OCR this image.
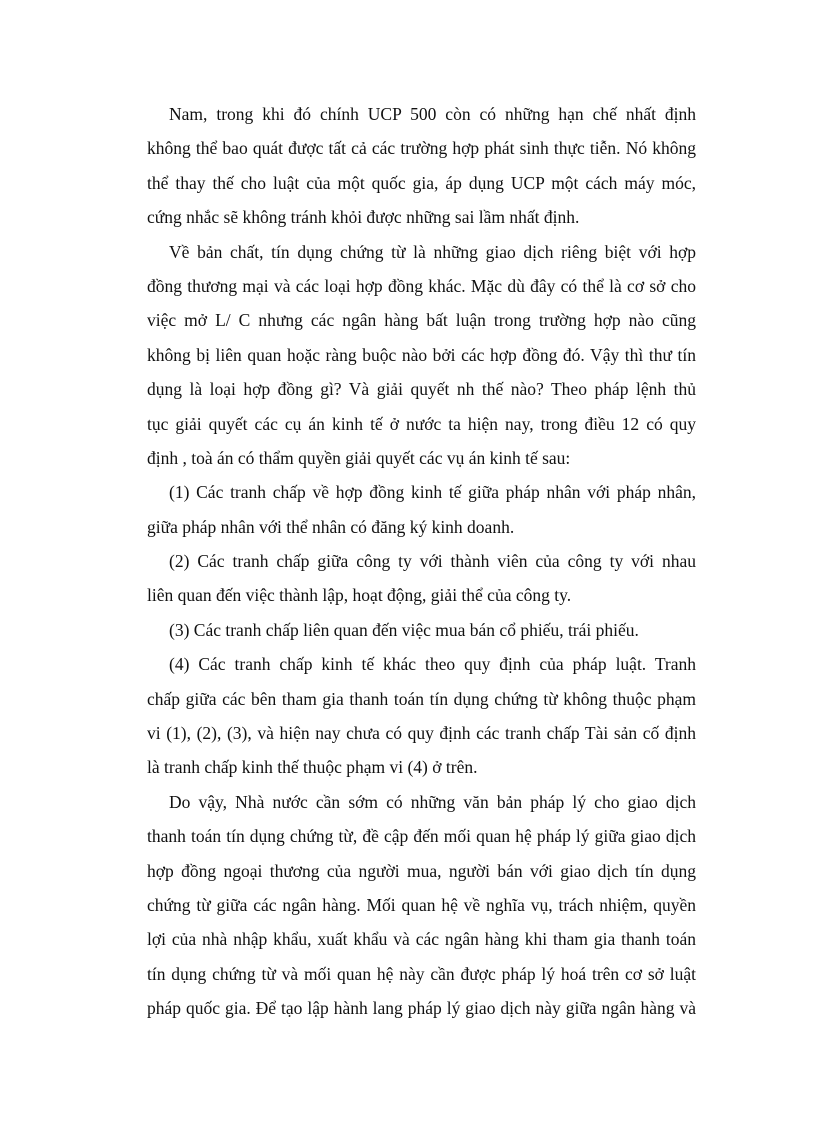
Nam, trong khi đó chính UCP 500 còn có những hạn chế nhất định
không thể bao quát được tất cả các trường hợp phát sinh thực tiễn. Nó không
thể thay thế cho luật của một quốc gia, áp dụng UCP một cách máy móc,
cứng nhắc sẽ không tránh khỏi được những sai lầm nhất định.
Về bản chất, tín dụng chứng từ là những giao dịch riêng biệt với hợp
đồng thương mại và các loại hợp đồng khác. Mặc dù đây có thể là cơ sở cho
việc mở L/ C nhưng các ngân hàng bất luận trong trường hợp nào cũng
không bị liên quan hoặc ràng buộc nào bởi các hợp đồng đó. Vậy thì thư tín
dụng là loại hợp đồng gì? Và giải quyết nh thế nào? Theo pháp lệnh thủ
tục giải quyết các cụ án kinh tế ở nước ta hiện nay, trong điều 12 có quy
định , toà án có thẩm quyền giải quyết các vụ án kinh tế sau:
(1) Các tranh chấp về hợp đồng kinh tế giữa pháp nhân với pháp nhân,
giữa pháp nhân với thể nhân có đăng ký kinh doanh.
(2) Các tranh chấp giữa công ty với thành viên của công ty với nhau
liên quan đến việc thành lập, hoạt động, giải thể của công ty.
(3) Các tranh chấp liên quan đến việc mua bán cổ phiếu, trái phiếu.
(4) Các tranh chấp kinh tế khác theo quy định của pháp luật. Tranh
chấp giữa các bên tham gia thanh toán tín dụng chứng từ không thuộc phạm
vi (1), (2), (3), và hiện nay chưa có quy định các tranh chấp Tài sản cố định
là tranh chấp kinh thế thuộc phạm vi (4) ở trên.
Do vậy, Nhà nước cần sớm có những văn bản pháp lý cho giao dịch
thanh toán tín dụng chứng từ, đề cập đến mối quan hệ pháp lý giữa giao dịch
hợp đồng ngoại thương của người mua, người bán với giao dịch tín dụng
chứng từ giữa các ngân hàng. Mối quan hệ về nghĩa vụ, trách nhiệm, quyền
lợi của nhà nhập khẩu, xuất khẩu và các ngân hàng khi tham gia thanh toán
tín dụng chứng từ và mối quan hệ này cần được pháp lý hoá trên cơ sở luật
pháp quốc gia. Để tạo lập hành lang pháp lý giao dịch này giữa ngân hàng và
